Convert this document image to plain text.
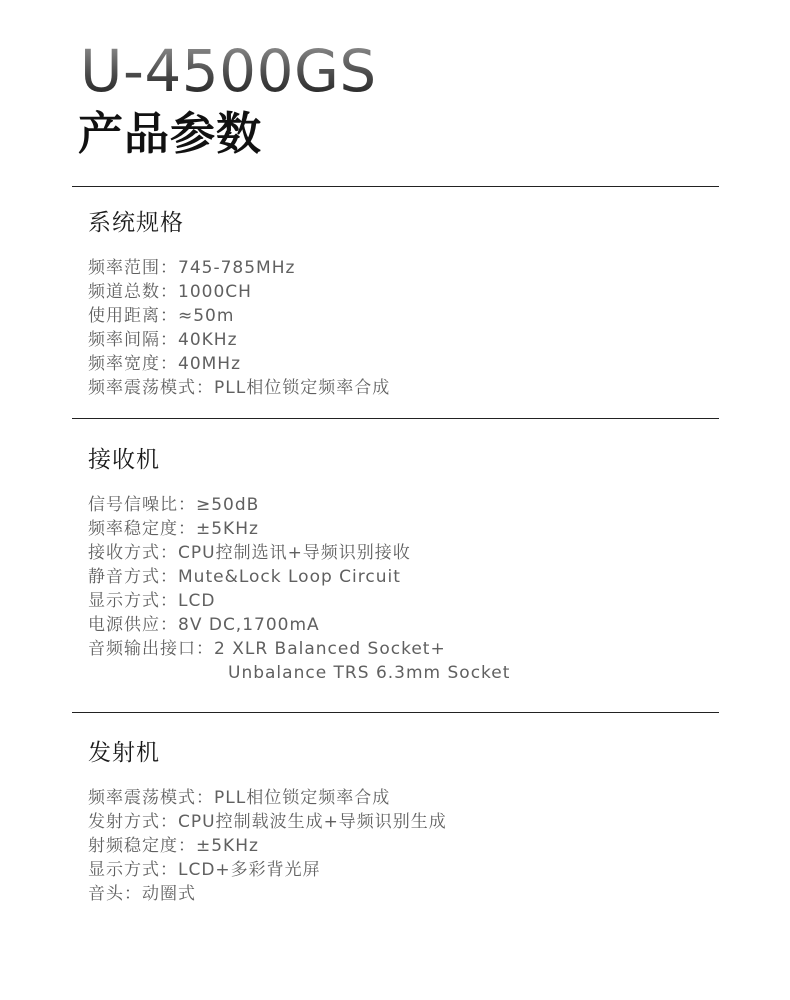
U-4500GS
产品参数
系统规格
频率范围：745-785MHz
频道总数：1000CH
使用距离：≈50m
频率间隔：40KHz
频率宽度：40MHz
频率震荡模式：PLL相位锁定频率合成
接收机
信号信噪比：≥50dB
频率稳定度：±5KHz
接收方式：CPU控制选讯+导频识别接收
静音方式：Mute&Lock Loop Circuit
显示方式：LCD
电源供应：8V DC,1700mA
音频输出接口：2 XLR Balanced Socket+
Unbalance TRS 6.3mm Socket
发射机
频率震荡模式：PLL相位锁定频率合成
发射方式：CPU控制载波生成+导频识别生成
射频稳定度：±5KHz
显示方式：LCD+多彩背光屏
音头：动圈式
